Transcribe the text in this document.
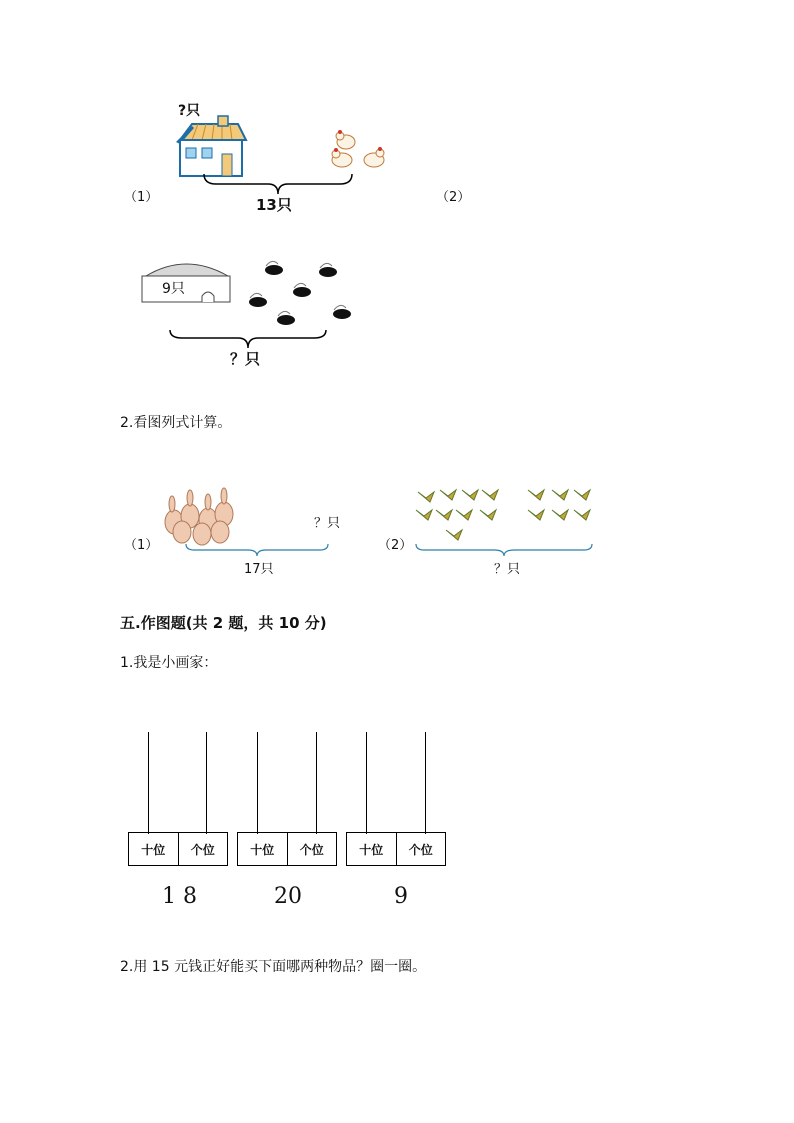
（1）	（2）
?只
13只
9只
？只
2.看图列式计算。
（1）	（2）
？只
17只	？只
五.作图题(共 2 题，共 10 分)
1.我是小画家：
十位	个位	十位	个位	十位	个位
1 8	20	9
2.用 15 元钱正好能买下面哪两种物品？圈一圈。
